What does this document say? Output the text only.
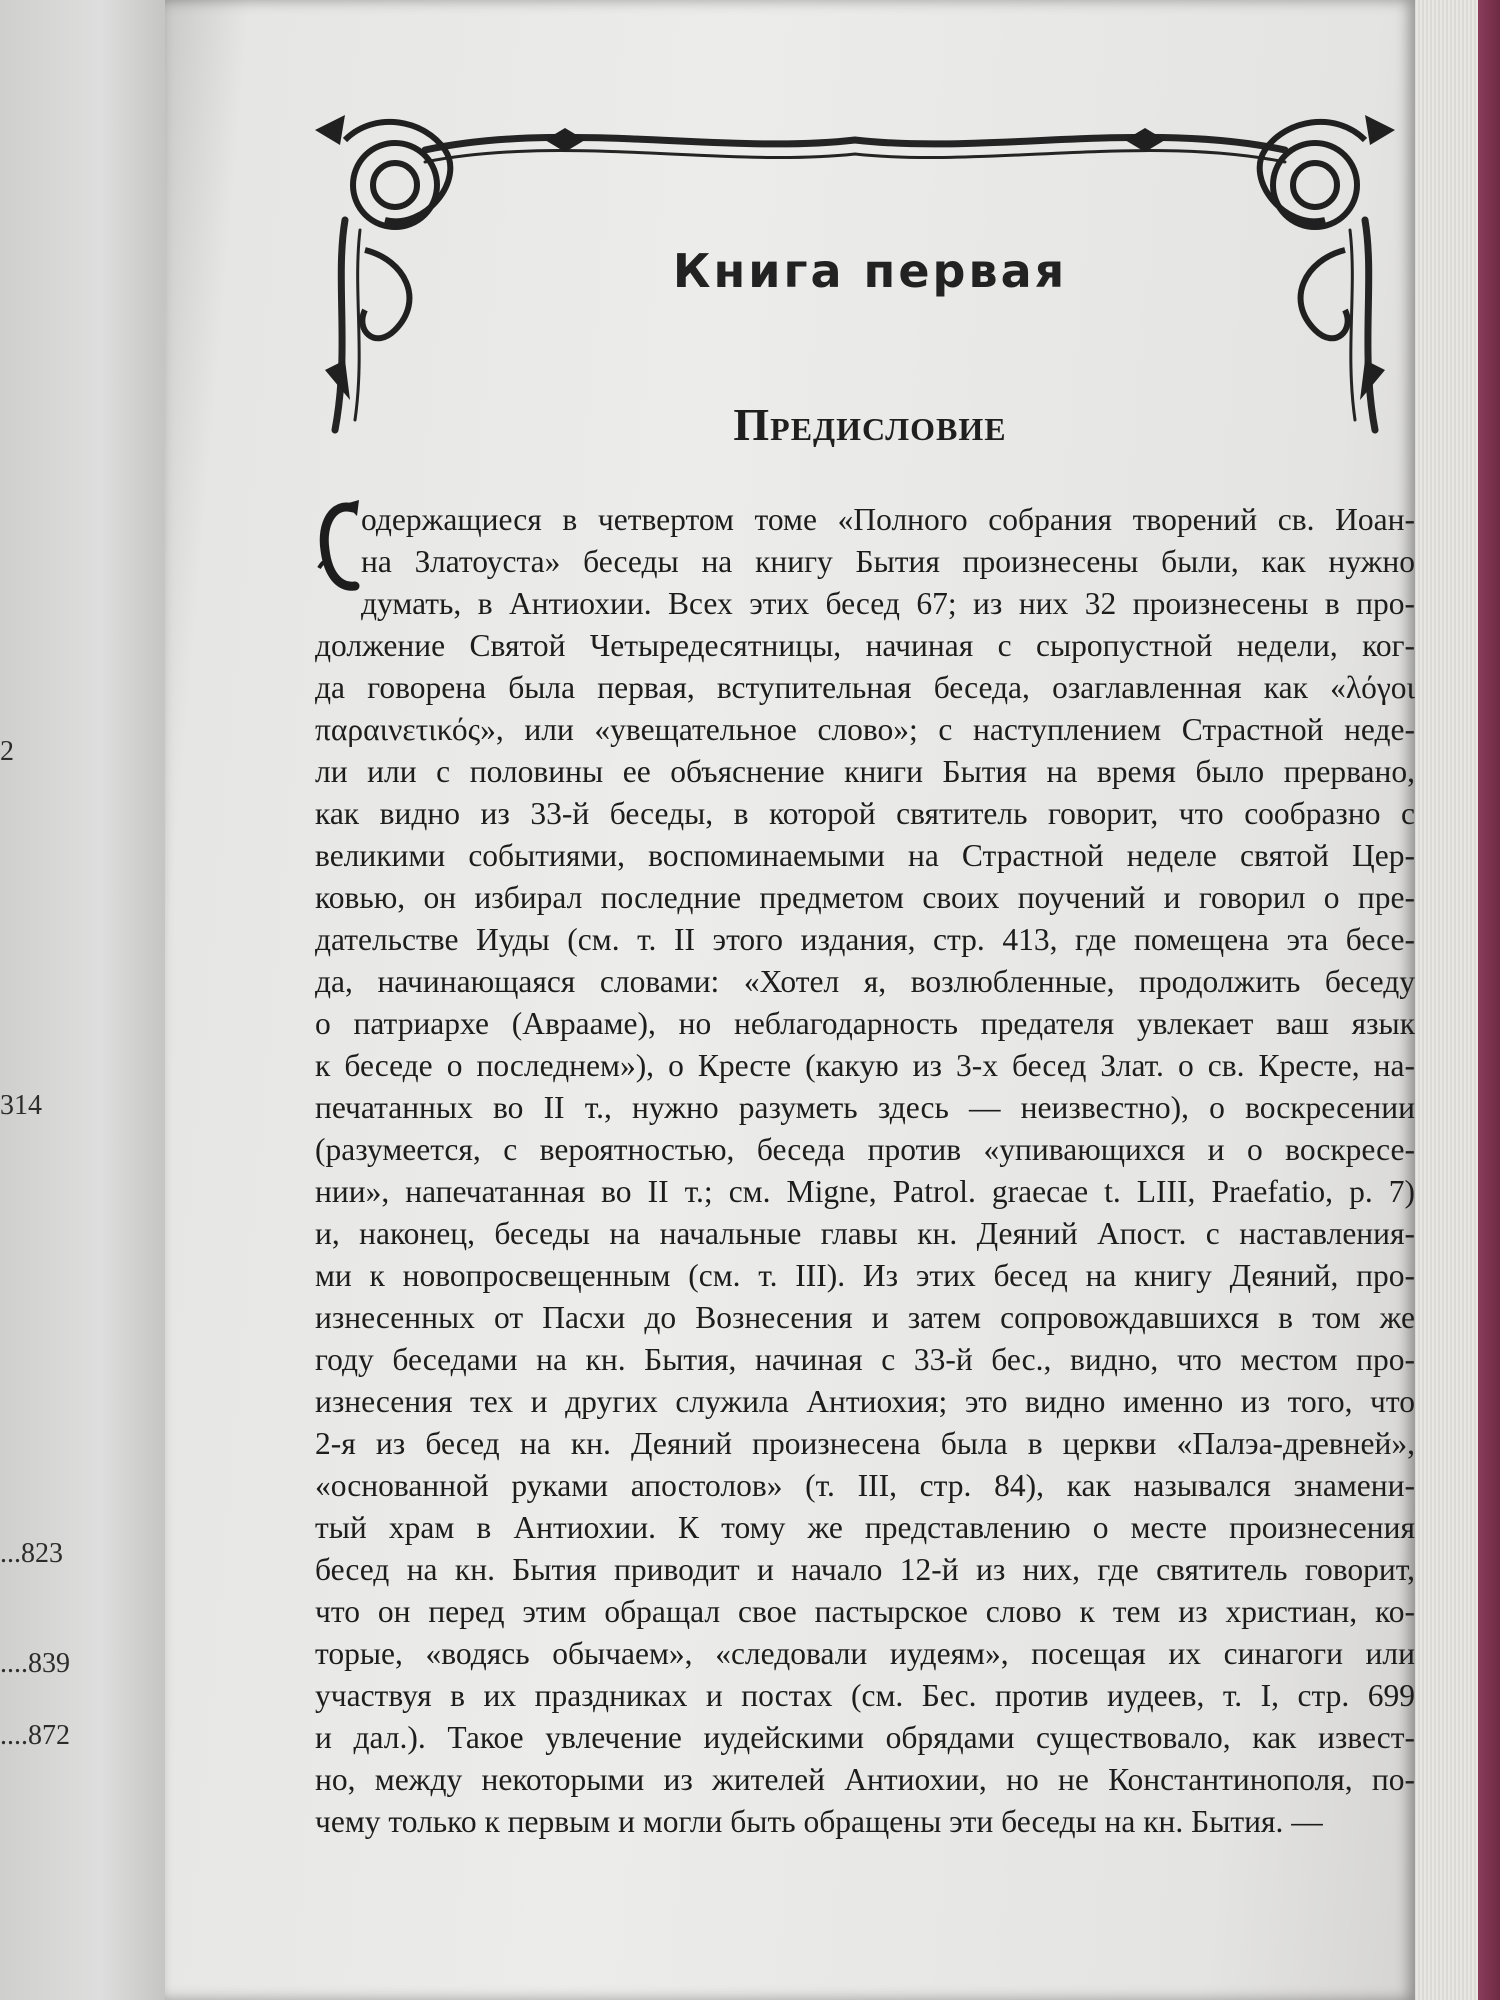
2
314
...823
....839
....872
Книга первая
Предисловие
одержащиеся в четвертом томе «Полного собрания творений св. Иоан-
на Златоуста» беседы на книгу Бытия произнесены были, как нужно
думать, в Антиохии. Всех этих бесед 67; из них 32 произнесены в про-
должение Святой Четыредесятницы, начиная с сыропустной недели, ког-
да говорена была первая, вступительная беседа, озаглавленная как «λόγοι
παραινετικός», или «увещательное слово»; с наступлением Страстной неде-
ли или с половины ее объяснение книги Бытия на время было прервано,
как видно из 33-й беседы, в которой святитель говорит, что сообразно с
великими событиями, воспоминаемыми на Страстной неделе святой Цер-
ковью, он избирал последние предметом своих поучений и говорил о пре-
дательстве Иуды (см. т. II этого издания, стр. 413, где помещена эта бесе-
да, начинающаяся словами: «Хотел я, возлюбленные, продолжить беседу
о патриархе (Аврааме), но неблагодарность предателя увлекает ваш язык
к беседе о последнем»), о Кресте (какую из 3-х бесед Злат. о св. Кресте, на-
печатанных во II т., нужно разуметь здесь — неизвестно), о воскресении
(разумеется, с вероятностью, беседа против «упивающихся и о воскресе-
нии», напечатанная во II т.; см. Migne, Patrol. graecae t. LIII, Praefatio, p. 7)
и, наконец, беседы на начальные главы кн. Деяний Апост. с наставления-
ми к новопросвещенным (см. т. III). Из этих бесед на книгу Деяний, про-
изнесенных от Пасхи до Вознесения и затем сопровождавшихся в том же
году беседами на кн. Бытия, начиная с 33-й бес., видно, что местом про-
изнесения тех и других служила Антиохия; это видно именно из того, что
2-я из бесед на кн. Деяний произнесена была в церкви «Палэа-древней»,
«основанной руками апостолов» (т. III, стр. 84), как назывался знамени-
тый храм в Антиохии. К тому же представлению о месте произнесения
бесед на кн. Бытия приводит и начало 12-й из них, где святитель говорит,
что он перед этим обращал свое пастырское слово к тем из христиан, ко-
торые, «водясь обычаем», «следовали иудеям», посещая их синагоги или
участвуя в их праздниках и постах (см. Бес. против иудеев, т. I, стр. 699
и дал.). Такое увлечение иудейскими обрядами существовало, как извест-
но, между некоторыми из жителей Антиохии, но не Константинополя, по-
чему только к первым и могли быть обращены эти беседы на кн. Бытия. —
